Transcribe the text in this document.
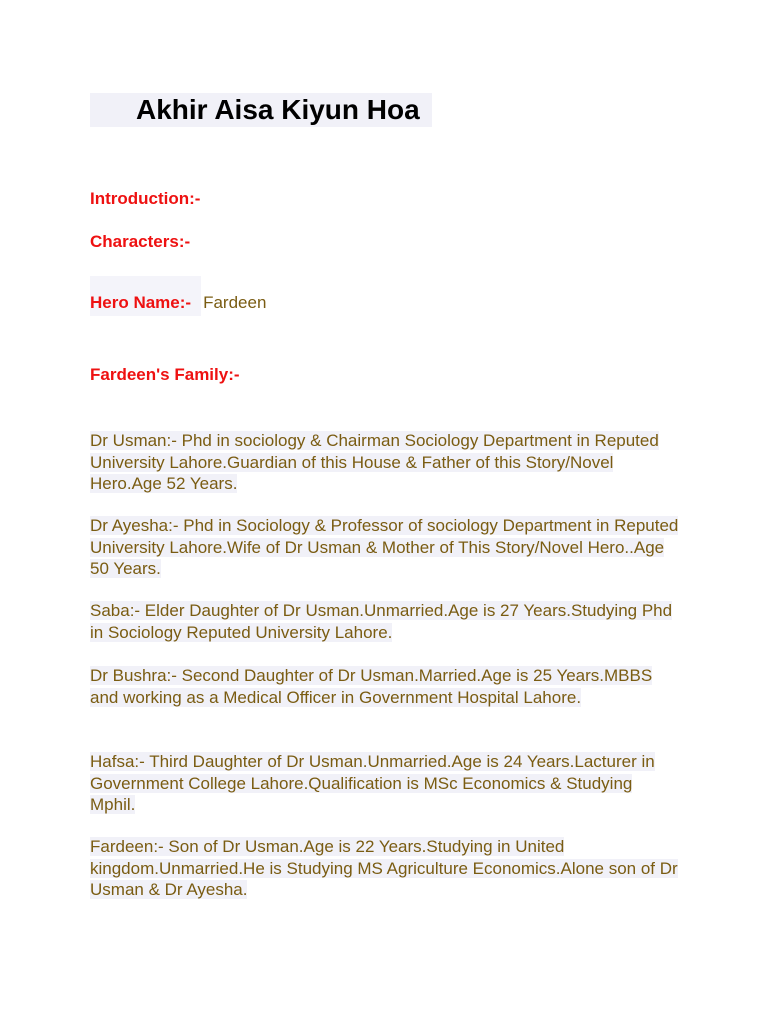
Akhir Aisa Kiyun Hoa
Introduction:-
Characters:-
Hero Name:- Fardeen
Fardeen's Family:-

Dr Usman:- Phd in sociology & Chairman Sociology Department in Reputed University Lahore.Guardian of this House & Father of this Story/Novel Hero.Age 52 Years.

Dr Ayesha:- Phd in Sociology & Professor of sociology Department in Reputed University Lahore.Wife of Dr Usman & Mother of This Story/Novel Hero..Age 50 Years.

Saba:- Elder Daughter of Dr Usman.Unmarried.Age is 27 Years.Studying Phd in Sociology Reputed University Lahore.

Dr Bushra:- Second Daughter of Dr Usman.Married.Age is 25 Years.MBBS and working as a Medical Officer in Government Hospital Lahore.

Hafsa:- Third Daughter of Dr Usman.Unmarried.Age is 24 Years.Lacturer in Government College Lahore.Qualification is MSc Economics & Studying Mphil.

Fardeen:- Son of Dr Usman.Age is 22 Years.Studying in United kingdom.Unmarried.He is Studying MS Agriculture Economics.Alone son of Dr Usman & Dr Ayesha.
